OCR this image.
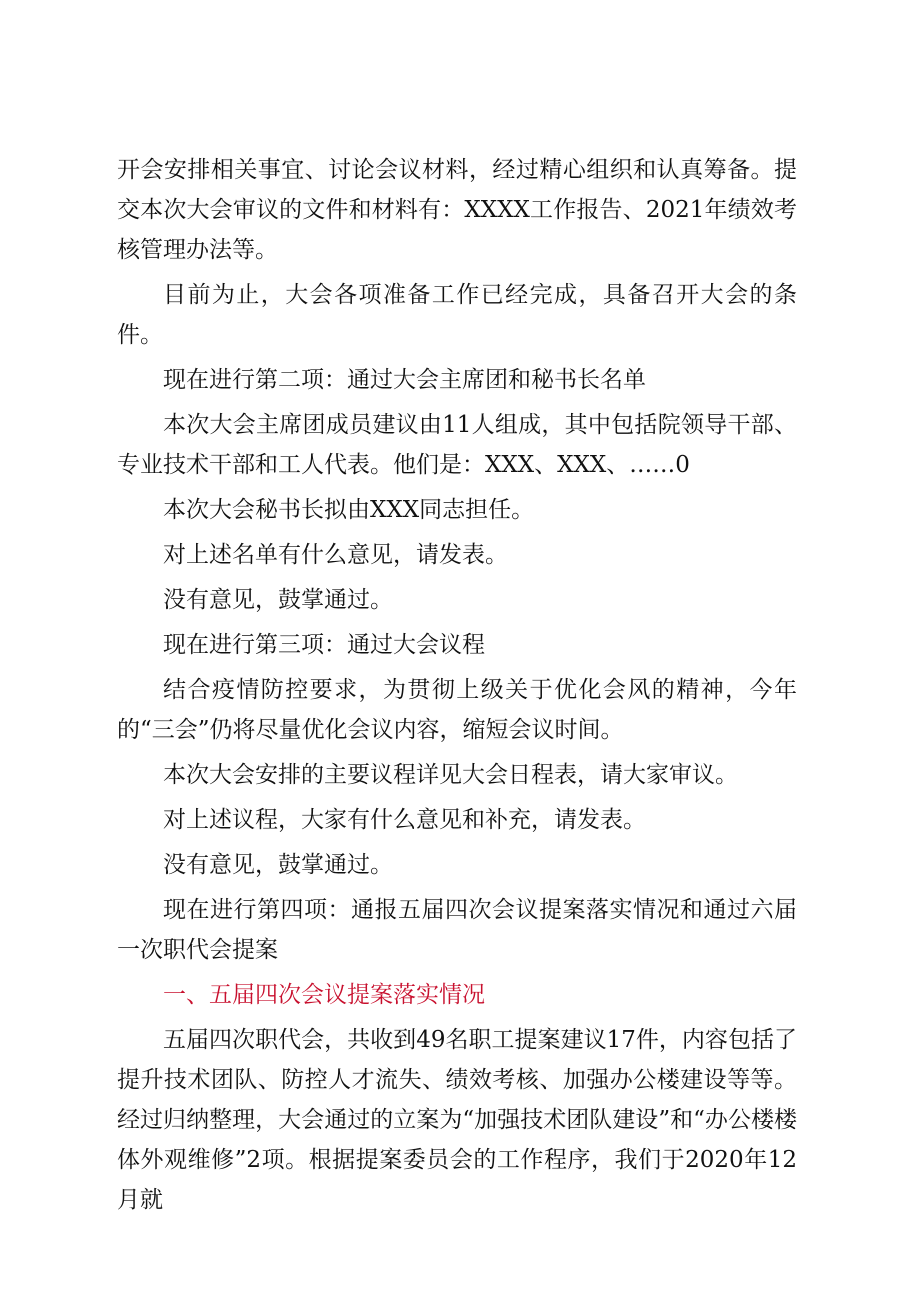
开会安排相关事宜、讨论会议材料，经过精心组织和认真筹备。提交本次大会审议的文件和材料有：XXXX工作报告、2021年绩效考核管理办法等。

目前为止，大会各项准备工作已经完成，具备召开大会的条件。

现在进行第二项：通过大会主席团和秘书长名单

本次大会主席团成员建议由11人组成，其中包括院领导干部、专业技术干部和工人代表。他们是：XXX、XXX、……0

本次大会秘书长拟由XXX同志担任。

对上述名单有什么意见，请发表。

没有意见，鼓掌通过。

现在进行第三项：通过大会议程

结合疫情防控要求，为贯彻上级关于优化会风的精神，今年的“三会”仍将尽量优化会议内容，缩短会议时间。

本次大会安排的主要议程详见大会日程表，请大家审议。

对上述议程，大家有什么意见和补充，请发表。

没有意见，鼓掌通过。

现在进行第四项：通报五届四次会议提案落实情况和通过六届一次职代会提案

一、五届四次会议提案落实情况

五届四次职代会，共收到49名职工提案建议17件，内容包括了提升技术团队、防控人才流失、绩效考核、加强办公楼建设等等。经过归纳整理，大会通过的立案为“加强技术团队建设”和“办公楼楼体外观维修”2项。根据提案委员会的工作程序，我们于2020年12月就
